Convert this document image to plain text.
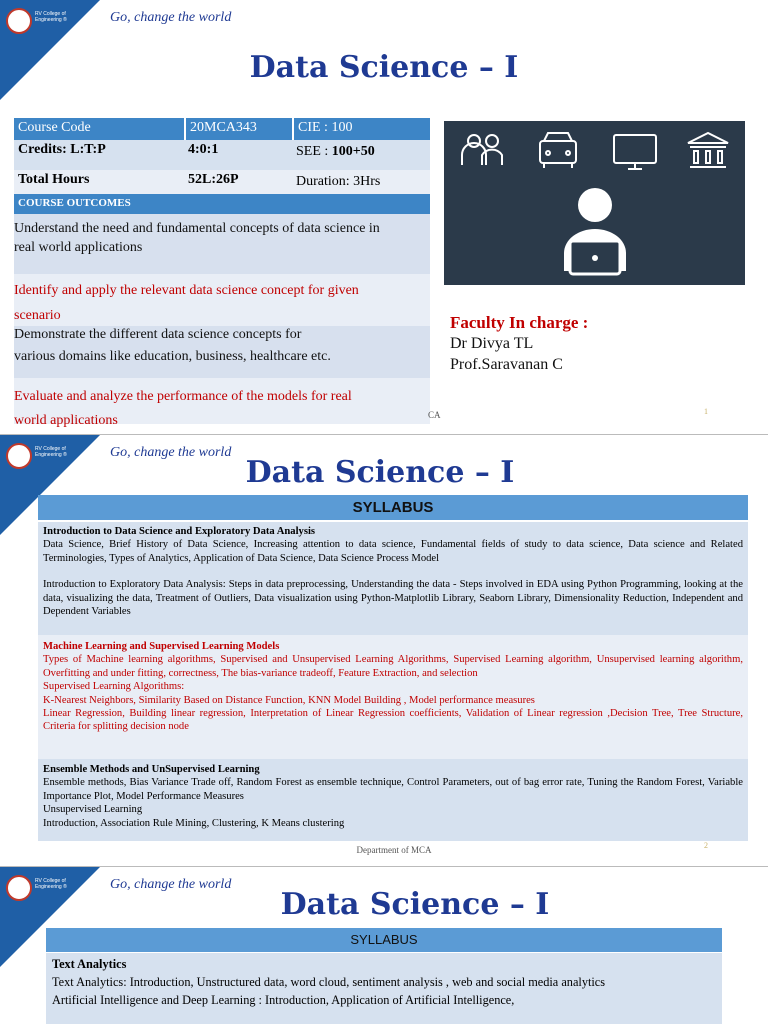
RV College of Engineering ®	Go, change the world
Data Science – I
Course Code	20MCA343	CIE : 100
Credits: L:T:P	4:0:1	SEE : 100+50
Total Hours	52L:26P	Duration: 3Hrs
COURSE OUTCOMES
Understand the need and fundamental concepts of data science in
real world applications
Identify and apply the relevant data science concept for given
scenario
Demonstrate the different data science concepts for
various domains like education, business, healthcare etc.
Evaluate and analyze the performance of the models for real
world applications
Faculty In charge :
Dr Divya TL
Prof.Saravanan C
CA	1
RV College of Engineering ®	Go, change the world
Data Science – I
SYLLABUS
Introduction to Data Science and Exploratory Data Analysis
Data Science, Brief History of Data Science, Increasing attention to data science, Fundamental fields of study to data science, Data science and Related Terminologies, Types of Analytics, Application of Data Science, Data Science Process Model
Introduction to Exploratory Data Analysis: Steps in data preprocessing, Understanding the data - Steps involved in EDA using Python Programming, looking at the data, visualizing the data, Treatment of Outliers, Data visualization using Python-Matplotlib Library, Seaborn Library, Dimensionality Reduction, Independent and Dependent Variables
Machine Learning and Supervised Learning Models
Types of Machine learning algorithms, Supervised and Unsupervised Learning Algorithms, Supervised Learning algorithm, Unsupervised learning algorithm, Overfitting and under fitting, correctness, The bias-variance tradeoff, Feature Extraction, and selection
Supervised Learning Algorithms:
K-Nearest Neighbors, Similarity Based on Distance Function, KNN Model Building , Model performance measures
Linear Regression, Building linear regression, Interpretation of Linear Regression coefficients, Validation of Linear regression ,Decision Tree, Tree Structure, Criteria for splitting decision node
Ensemble Methods and UnSupervised Learning
Ensemble methods, Bias Variance Trade off, Random Forest as ensemble technique, Control Parameters, out of bag error rate, Tuning the Random Forest, Variable Importance Plot, Model Performance Measures
Unsupervised Learning
Introduction, Association Rule Mining, Clustering, K Means clustering
Department of MCA	2
RV College of Engineering ®	Go, change the world
Data Science – I
SYLLABUS
Text Analytics
Text Analytics: Introduction, Unstructured data, word cloud, sentiment analysis , web and social media analytics
Artificial Intelligence and Deep Learning : Introduction, Application of Artificial Intelligence,
